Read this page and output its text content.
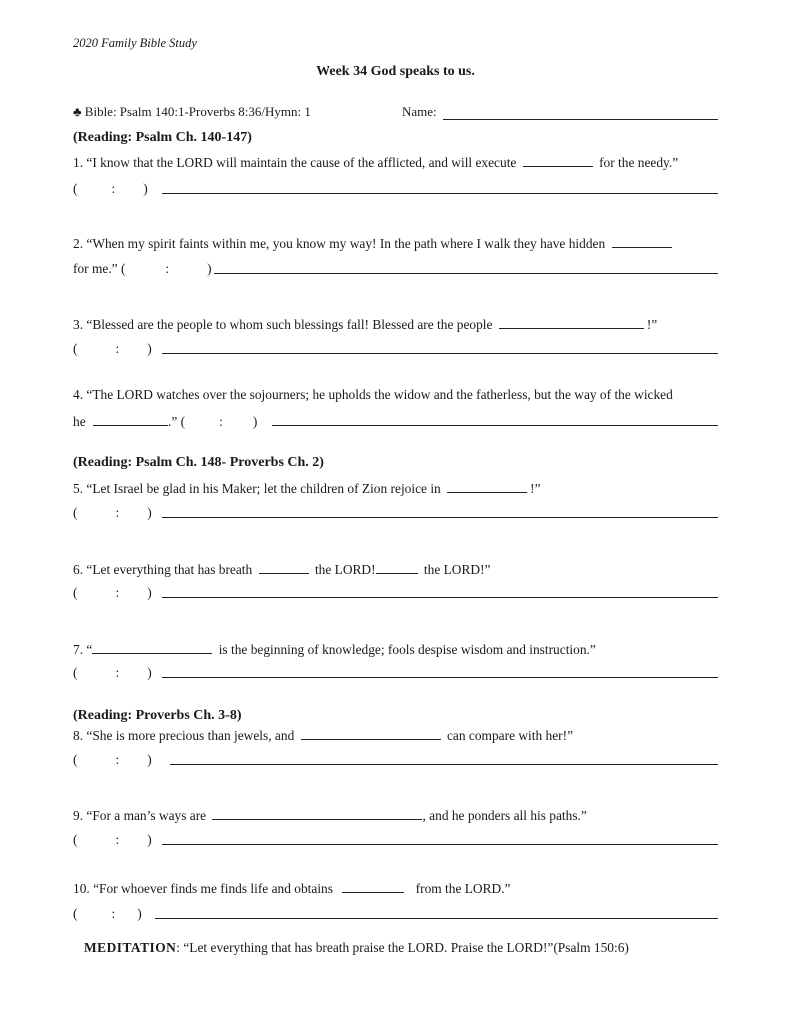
2020 Family Bible Study
Week 34 God speaks to us.
♣ Bible: Psalm 140:1-Proverbs 8:36/Hymn: 1	Name:
(Reading: Psalm Ch. 140-147)
1. “I know that the LORD will maintain the cause of the afflicted, and will execute	for the needy.”
(	: )
2. “When my spirit faints within me, you know my way! In the path where I walk they have hidden
for me.” (	:	)
3. “Blessed are the people to whom such blessings fall! Blessed are the people	!”
(	: )
4. “The LORD watches over the sojourners; he upholds the widow and the fatherless, but the way of the wicked
he	.” (	: )
(Reading: Psalm Ch. 148- Proverbs Ch. 2)
5. “Let Israel be glad in his Maker; let the children of Zion rejoice in	!”
(	: )
6. “Let everything that has breath	the LORD!	the LORD!”
(	: )
7. “	is the beginning of knowledge; fools despise wisdom and instruction.”
(	: )
(Reading: Proverbs Ch. 3-8)
8. “She is more precious than jewels, and	can compare with her!”
(	: )
9. “For a man’s ways are	, and he ponders all his paths.”
(	: )
10. “For whoever finds me finds life and obtains	from the LORD.”
(	: )
MEDITATION: “Let everything that has breath praise the LORD. Praise the LORD!”(Psalm 150:6)
